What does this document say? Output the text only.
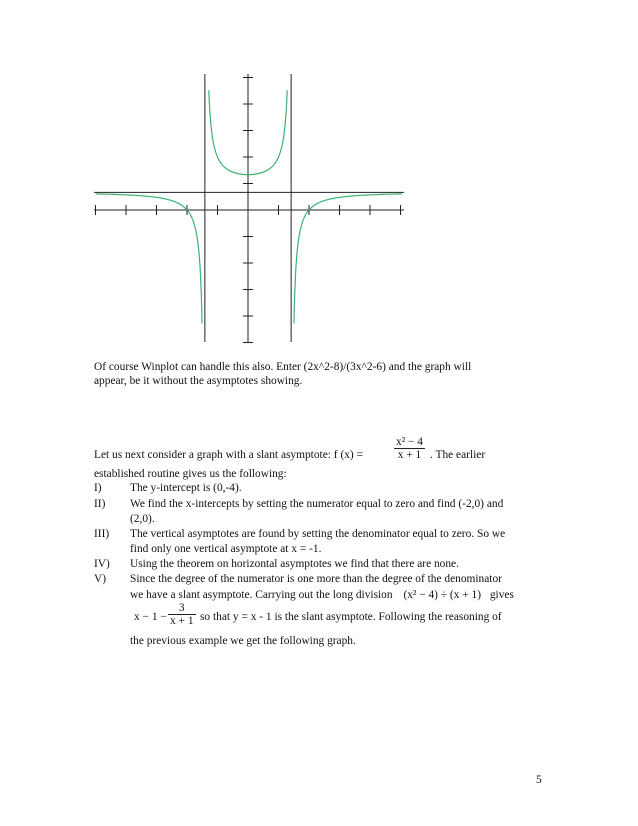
Of course Winplot can handle this also. Enter (2x^2-8)/(3x^2-6) and the graph will
appear, be it without the asymptotes showing.
Let us next consider a graph with a slant asymptote: f (x) =	$\frac{\text{x² − 4}}{x + 1}$ . The earlier
established routine gives us the following:
I) The y-intercept is (0,-4).
II) We find the x-intercepts by setting the numerator equal to zero and find (-2,0) and
(2,0).
III) The vertical asymptotes are found by setting the denominator equal to zero. So we
find only one vertical asymptote at x = -1.
IV) Using the theorem on horizontal asymptotes we find that there are none.
V) Since the degree of the numerator is one more than the degree of the denominator
we have a slant asymptote. Carrying out the long division (x² − 4) ÷ (x + 1) gives
$x - 1 - \frac{3}{x + 1}$ so that y = x - 1 is the slant asymptote. Following the reasoning of
the previous example we get the following graph.
5
